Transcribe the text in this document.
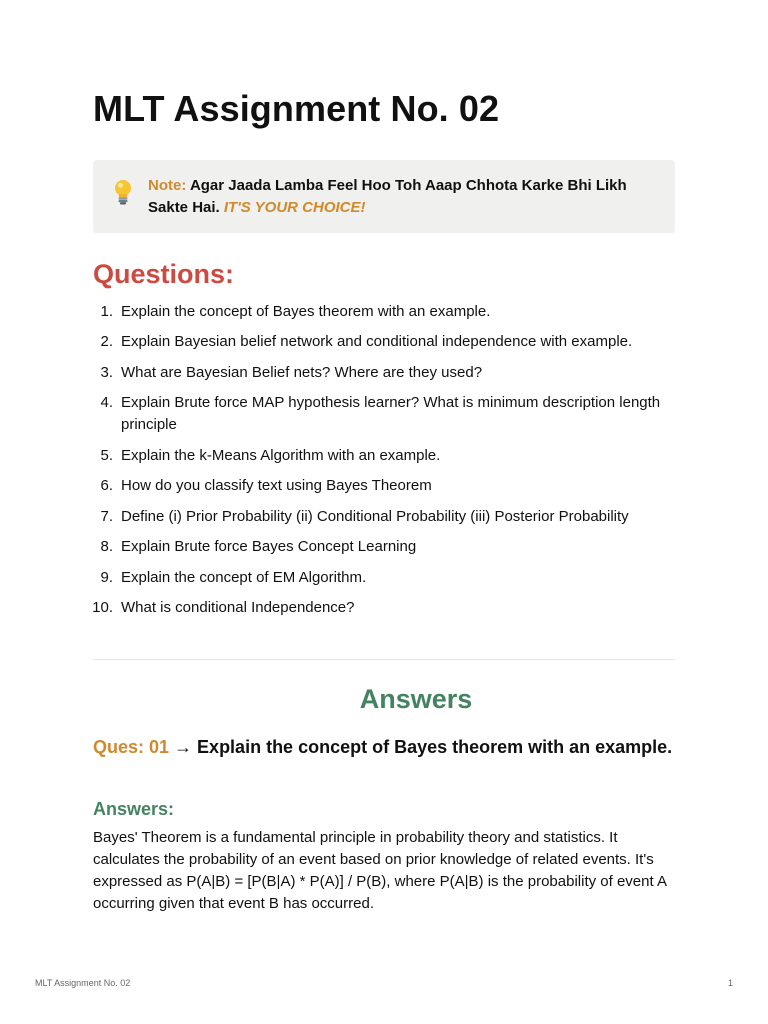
MLT Assignment No. 02
Note: Agar Jaada Lamba Feel Hoo Toh Aaap Chhota Karke Bhi Likh Sakte Hai. IT'S YOUR CHOICE!
Questions:
1. Explain the concept of Bayes theorem with an example.
2. Explain Bayesian belief network and conditional independence with example.
3. What are Bayesian Belief nets? Where are they used?
4. Explain Brute force MAP hypothesis learner? What is minimum description length principle
5. Explain the k-Means Algorithm with an example.
6. How do you classify text using Bayes Theorem
7. Define (i) Prior Probability (ii) Conditional Probability (iii) Posterior Probability
8. Explain Brute force Bayes Concept Learning
9. Explain the concept of EM Algorithm.
10. What is conditional Independence?
Answers
Ques: 01 → Explain the concept of Bayes theorem with an example.
Answers:

Bayes' Theorem is a fundamental principle in probability theory and statistics. It calculates the probability of an event based on prior knowledge of related events. It's expressed as P(A|B) = [P(B|A) * P(A)] / P(B), where P(A|B) is the probability of event A occurring given that event B has occurred.

MLT Assignment No. 02	1
